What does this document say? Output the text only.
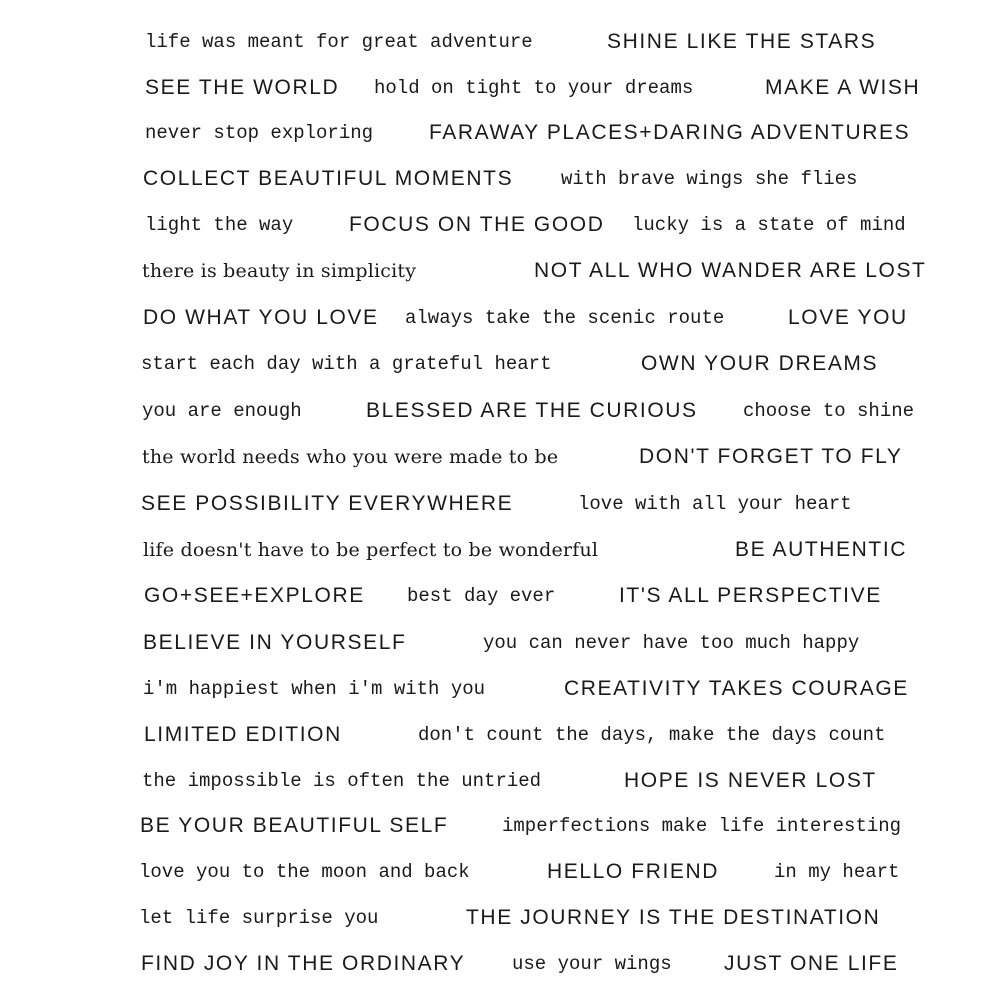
life was meant for great adventure	SHINE LIKE THE STARS
SEE THE WORLD hold on tight to your dreams	MAKE A WISH
never stop exploring	FARAWAY PLACES+DARING ADVENTURES
COLLECT BEAUTIFUL MOMENTS	with brave wings she flies
light the way	FOCUS ON THE GOOD lucky is a state of mind
there is beauty in simplicity	NOT ALL WHO WANDER ARE LOST
DO WHAT YOU LOVE always take the scenic route	LOVE YOU
start each day with a grateful heart	OWN YOUR DREAMS
you are enough	BLESSED ARE THE CURIOUS choose to shine
the world needs who you were made to be	DON'T FORGET TO FLY
SEE POSSIBILITY EVERYWHERE	love with all your heart
life doesn't have to be perfect to be wonderful	BE AUTHENTIC
GO+SEE+EXPLORE best day ever	IT'S ALL PERSPECTIVE
BELIEVE IN YOURSELF	you can never have too much happy
i'm happiest when i'm with you	CREATIVITY TAKES COURAGE
LIMITED EDITION	don't count the days, make the days count
the impossible is often the untried	HOPE IS NEVER LOST
BE YOUR BEAUTIFUL SELF	imperfections make life interesting
love you to the moon and back	HELLO FRIEND	in my heart
let life surprise you	THE JOURNEY IS THE DESTINATION
FIND JOY IN THE ORDINARY use your wings JUST ONE LIFE
